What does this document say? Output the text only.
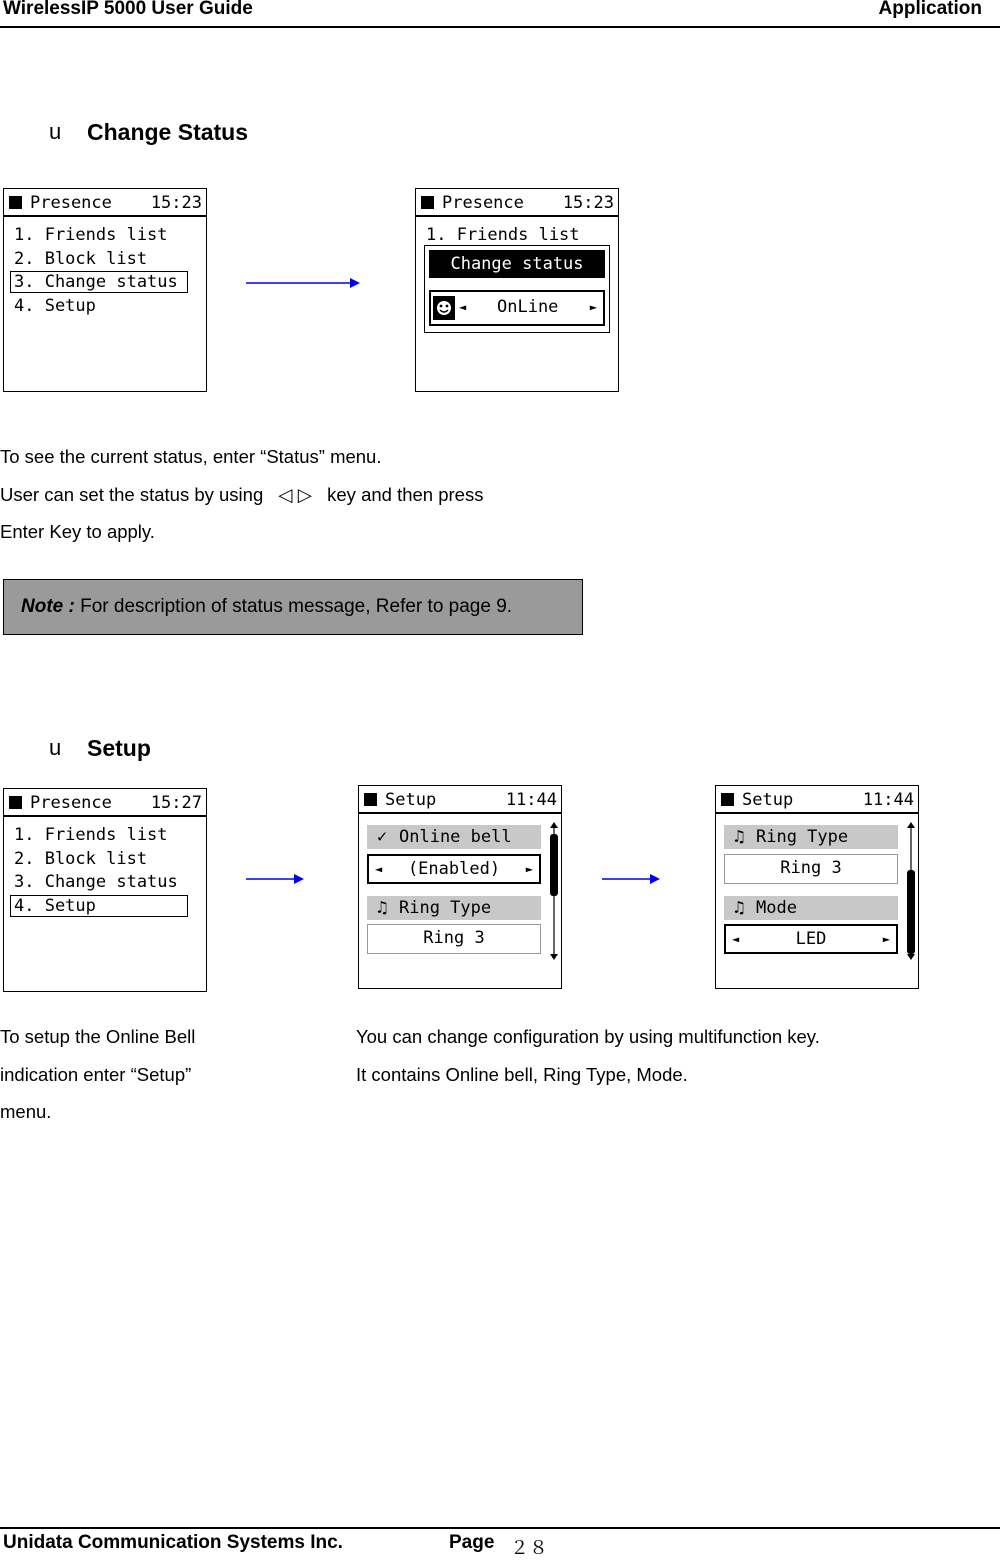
WirelessIP 5000 User Guide	Application
u Change Status
Presence 15:23
1. Friends list
2. Block list
3. Change status
4. Setup
Presence 15:23
1. Friends list
Change status
◄ OnLine	►
To see the current status, enter “Status” menu.
User can set the status by using ◁ ▷ key and then press
Enter Key to apply.
Note : For description of status message, Refer to page 9.
u Setup
Presence 15:27
1. Friends list
2. Block list
3. Change status
4. Setup
Setup	11:44
✓ Online bell
◄ (Enabled) ►
♫ Ring Type
Ring 3
Setup	11:44
♫ Ring Type
Ring 3
♫ Mode
◄	LED	►
To setup the Online Bell
indication enter “Setup”
menu.
You can change configuration by using multifunction key.
It contains Online bell, Ring Type, Mode.
Unidata Communication Systems Inc.	Page ２８
